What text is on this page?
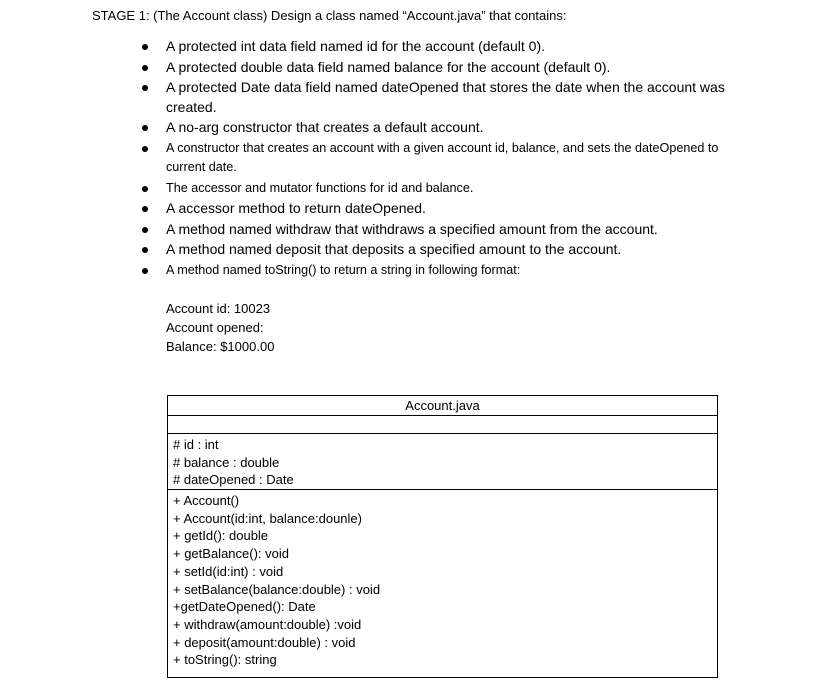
STAGE 1: (The Account class) Design a class named “Account.java” that contains:
A protected int data field named id for the account (default 0).
A protected double data field named balance for the account (default 0).
A protected Date data field named dateOpened that stores the date when the account was created.
A no-arg constructor that creates a default account.
A constructor that creates an account with a given account id, balance, and sets the dateOpened to current date.
The accessor and mutator functions for id and balance.
A accessor method to return dateOpened.
A method named withdraw that withdraws a specified amount from the account.
A method named deposit that deposits a specified amount to the account.
A method named toString() to return a string in following format:
Account id: 10023
Account opened:
Balance: $1000.00
Account.java
# id : int
# balance : double
# dateOpened : Date
+ Account()
+ Account(id:int, balance:dounle)
+ getId(): double
+ getBalance(): void
+ setId(id:int) : void
+ setBalance(balance:double) : void
+getDateOpened(): Date
+ withdraw(amount:double) :void
+ deposit(amount:double) : void
+ toString(): string
